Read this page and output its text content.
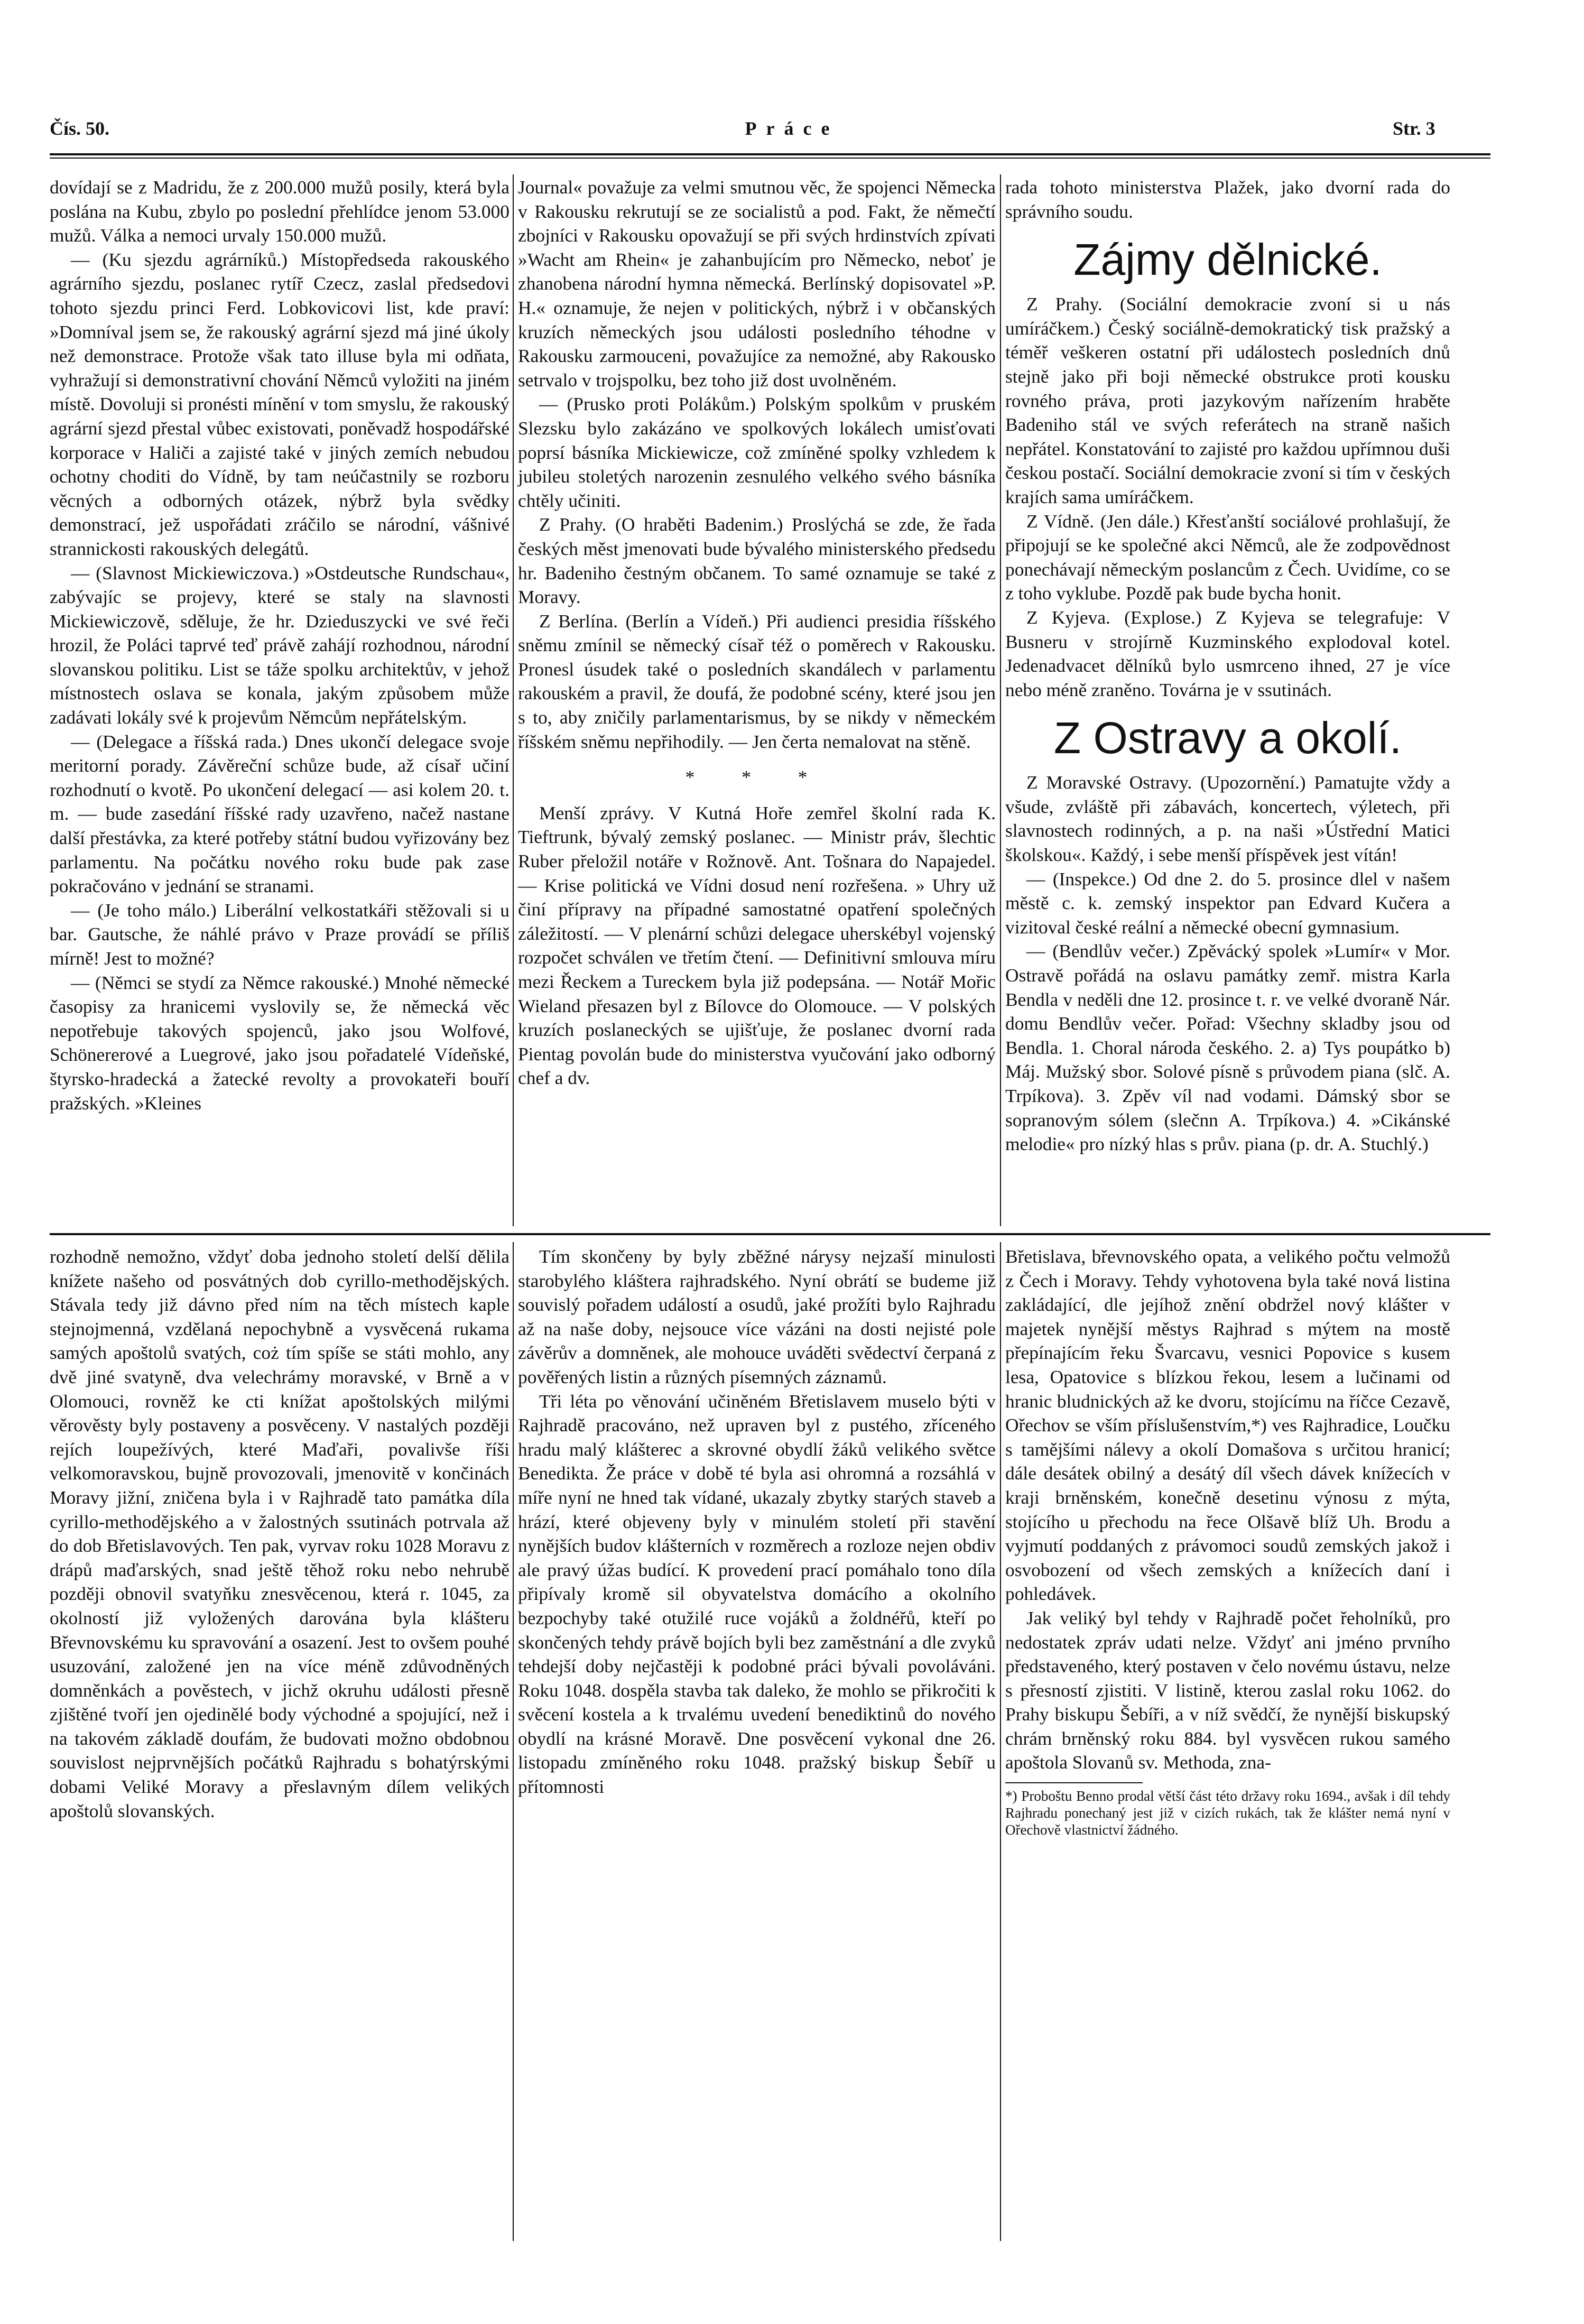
Čís. 50.	Práce	Str. 3

dovídají se z Madridu, že z 200.000 mužů posily, která byla poslána na Kubu, zbylo po poslední přehlídce jenom 53.000 mužů. Válka a nemoci urvaly 150.000 mužů.

— (Ku sjezdu agrárníků.) Místopředseda rakouského agrárního sjezdu, poslanec rytíř Czecz, zaslal předsedovi tohoto sjezdu princi Ferd. Lobkovicovi list, kde praví: »Domníval jsem se, že rakouský agrární sjezd má jiné úkoly než demonstrace. Protože však tato illuse byla mi odňata, vyhražují si demonstrativní chování Němců vyložiti na jiném místě. Dovoluji si pronésti mínění v tom smyslu, že rakouský agrární sjezd přestal vůbec existovati, poněvadž hospodářské korporace v Haliči a zajisté také v jiných zemích nebudou ochotny choditi do Vídně, by tam neúčastnily se rozboru věcných a odborných otázek, nýbrž byla svědky demonstrací, jež uspořádati zráčilo se národní, vášnivé strannickosti rakouských delegátů.

— (Slavnost Mickiewiczova.) »Ostdeutsche Rundschau«, zabývajíc se projevy, které se staly na slavnosti Mickiewiczově, sděluje, že hr. Dzieduszycki ve své řeči hrozil, že Poláci taprvé teď právě zahájí rozhodnou, národní slovanskou politiku. List se táže spolku architektův, v jehož místnostech oslava se konala, jakým způsobem může zadávati lokály své k projevům Němcům nepřátelským.

— (Delegace a říšská rada.) Dnes ukončí delegace svoje meritorní porady. Závěreční schůze bude, až císař učiní rozhodnutí o kvotě. Po ukončení delegací — asi kolem 20. t. m. — bude zasedání říšské rady uzavřeno, načež nastane další přestávka, za které potřeby státní budou vyřizovány bez parlamentu. Na počátku nového roku bude pak zase pokračováno v jednání se stranami.

— (Je toho málo.) Liberální velkostatkáři stěžovali si u bar. Gautsche, že náhlé právo v Praze provádí se příliš mírně! Jest to možné?

— (Němci se stydí za Němce rakouské.) Mnohé německé časopisy za hranicemi vyslovily se, že německá věc nepotřebuje takových spojenců, jako jsou Wolfové, Schönererové a Luegrové, jako jsou pořadatelé Vídeňské, štyrsko-hradecká a žatecké revolty a provokateři bouří pražských. »Kleines

Journal« považuje za velmi smutnou věc, že spojenci Německa v Rakousku rekrutují se ze socialistů a pod. Fakt, že němečtí zbojníci v Rakousku opovažují se při svých hrdinstvích zpívati »Wacht am Rhein« je zahanbujícím pro Německo, neboť je zhanobena národní hymna německá. Berlínský dopisovatel »P. H.« oznamuje, že nejen v politických, nýbrž i v občanských kruzích německých jsou události posledního téhodne v Rakousku zarmouceni, považujíce za nemožné, aby Rakousko setrvalo v trojspolku, bez toho již dost uvolněném.

— (Prusko proti Polákům.) Polským spolkům v pruském Slezsku bylo zakázáno ve spolkových lokálech umisťovati poprsí básníka Mickiewicze, což zmíněné spolky vzhledem k jubileu stoletých narozenin zesnulého velkého svého básníka chtěly učiniti.

Z Prahy. (O hraběti Badenim.) Proslýchá se zde, že řada českých měst jmenovati bude bývalého ministerského předsedu hr. Badeniho čestným občanem. To samé oznamuje se také z Moravy.

Z Berlína. (Berlín a Vídeň.) Při audienci presidia říšského sněmu zmínil se německý císař též o poměrech v Rakousku. Pronesl úsudek také o posledních skandálech v parlamentu rakouském a pravil, že doufá, že podobné scény, které jsou jen s to, aby zničily parlamentarismus, by se nikdy v německém říšském sněmu nepřihodily. — Jen čerta nemalovat na stěně.

* * *

Menší zprávy. V Kutná Hoře zemřel školní rada K. Tieftrunk, bývalý zemský poslanec. — Ministr práv, šlechtic Ruber přeložil notáře v Rožnově. Ant. Tošnara do Napajedel. — Krise politická ve Vídni dosud není rozřešena. » Uhry už činí přípravy na případné samostatné opatření společných záležitostí. — V plenární schůzi delegace uherskébyl vojenský rozpočet schválen ve třetím čtení. — Definitivní smlouva míru mezi Řeckem a Tureckem byla již podepsána. — Notář Mořic Wieland přesazen byl z Bílovce do Olomouce. — V polských kruzích poslaneckých se ujišťuje, že poslanec dvorní rada Pientag povolán bude do ministerstva vyučování jako odborný chef a dv.

rada tohoto ministerstva Plažek, jako dvorní rada do správního soudu.

Zájmy dělnické.

Z Prahy. (Sociální demokracie zvoní si u nás umíráčkem.) Český sociálně-demokratický tisk pražský a téměř veškeren ostatní při událostech posledních dnů stejně jako při boji německé obstrukce proti kousku rovného práva, proti jazykovým nařízením hraběte Badeniho stál ve svých referátech na straně našich nepřátel. Konstatování to zajisté pro každou upřímnou duši českou postačí. Sociální demokracie zvoní si tím v českých krajích sama umíráčkem.

Z Vídně. (Jen dále.) Křesťanští sociálové prohlašují, že připojují se ke společné akci Němců, ale že zodpovědnost ponechávají německým poslancům z Čech. Uvidíme, co se z toho vyklube. Pozdě pak bude bycha honit.

Z Kyjeva. (Explose.) Z Kyjeva se telegrafuje: V Busneru v strojírně Kuzminského explodoval kotel. Jedenadvacet dělníků bylo usmrceno ihned, 27 je více nebo méně zraněno. Továrna je v ssutinách.

Z Ostravy a okolí.

Z Moravské Ostravy. (Upozornění.) Pamatujte vždy a všude, zvláště při zábavách, koncertech, výletech, při slavnostech rodinných, a p. na naši »Ústřední Matici školskou«. Každý, i sebe menší příspěvek jest vítán!

— (Inspekce.) Od dne 2. do 5. prosince dlel v našem městě c. k. zemský inspektor pan Edvard Kučera a vizitoval české reální a německé obecní gymnasium.

— (Bendlův večer.) Zpěvácký spolek »Lumír« v Mor. Ostravě pořádá na oslavu památky zemř. mistra Karla Bendla v neděli dne 12. prosince t. r. ve velké dvoraně Nár. domu Bendlův večer. Pořad: Všechny skladby jsou od Bendla. 1. Choral národa českého. 2. a) Tys poupátko b) Máj. Mužský sbor. Solové písně s průvodem piana (slč. A. Trpíkova). 3. Zpěv víl nad vodami. Dámský sbor se sopranovým sólem (slečnn A. Trpíkova.) 4. »Cikánské melodie« pro nízký hlas s prův. piana (p. dr. A. Stuchlý.)

rozhodně nemožno, vždyť doba jednoho století delší dělila knížete našeho od posvátných dob cyrillo-methodějských. Stávala tedy již dávno před ním na těch místech kaple stejnojmenná, vzdělaná nepochybně a vysvěcená rukama samých apoštolů svatých, coż tím spíše se státi mohlo, any dvě jiné svatyně, dva velechrámy moravské, v Brně a v Olomouci, rovněž ke cti knížat apoštolských milými věrověsty byly postaveny a posvěceny. V nastalých později rejích loupežívých, které Maďaři, povalivše říši velkomoravskou, bujně provozovali, jmenovitě v končinách Moravy jižní, zničena byla i v Rajhradě tato památka díla cyrillo-methodějského a v žalostných ssutinách potrvala až do dob Břetislavových. Ten pak, vyrvav roku 1028 Moravu z drápů maďarských, snad ještě těhož roku nebo nehrubě později obnovil svatyňku znesvěcenou, která r. 1045, za okolností již vyložených darována byla klášteru Břevnovskému ku spravování a osazení. Jest to ovšem pouhé usuzování, založené jen na více méně zdůvodněných domněnkách a pověstech, v jichž okruhu události přesně zjištěné tvoří jen ojedinělé body východné a spojující, než i na takovém základě doufám, že budovati možno obdobnou souvislost nejprvnějších počátků Rajhradu s bohatýrskými dobami Veliké Moravy a přeslavným dílem velikých apoštolů slovanských.

Tím skončeny by byly zběžné nárysy nejzaší minulosti starobylého kláštera rajhradského. Nyní obrátí se budeme již souvislý pořadem událostí a osudů, jaké prožíti bylo Rajhradu až na naše doby, nejsouce více vázáni na dosti nejisté pole závěrův a domněnek, ale mohouce uváděti svědectví čerpaná z pověřených listin a různých písemných záznamů.

Tři léta po věnování učiněném Břetislavem muselo býti v Rajhradě pracováno, než upraven byl z pustého, zříceného hradu malý klášterec a skrovné obydlí žáků velikého světce Benedikta. Že práce v době té byla asi ohromná a rozsáhlá v míře nyní ne hned tak vídané, ukazaly zbytky starých staveb a hrází, které objeveny byly v minulém století při stavění nynějších budov klášterních v rozměrech a rozloze nejen obdiv ale pravý úžas budící. K provedení prací pomáhalo tono díla připívaly kromě sil obyvatelstva domácího a okolního bezpochyby také otužilé ruce vojáků a žoldnéřů, kteří po skončených tehdy právě bojích byli bez zaměstnání a dle zvyků tehdejší doby nejčastěji k podobné práci bývali povoláváni. Roku 1048. dospěla stavba tak daleko, že mohlo se přikročiti k svěcení kostela a k trvalému uvedení benediktinů do nového obydlí na krásné Moravě. Dne posvěcení vykonal dne 26. listopadu zmíněného roku 1048. pražský biskup Šebíř u přítomnosti

Břetislava, břevnovského opata, a velikého počtu velmožů z Čech i Moravy. Tehdy vyhotovena byla také nová listina zakládající, dle jejíhož znění obdržel nový klášter v majetek nynější městys Rajhrad s mýtem na mostě přepínajícím řeku Švarcavu, vesnici Popovice s kusem lesa, Opatovice s blízkou řekou, lesem a lučinami od hranic bludnických až ke dvoru, stojícímu na říčce Cezavě, Ořechov se vším příslušenstvím,*) ves Rajhradice, Loučku s tamějšími nálevy a okolí Domašova s určitou hranicí; dále desátek obilný a desátý díl všech dávek knížecích v kraji brněnském, konečně desetinu výnosu z mýta, stojícího u přechodu na řece Olšavě blíž Uh. Brodu a vyjmutí poddaných z právomoci soudů zemských jakož i osvobození od všech zemských a knížecích daní i pohledávek.

Jak veliký byl tehdy v Rajhradě počet řeholníků, pro nedostatek zpráv udati nelze. Vždyť ani jméno prvního představeného, který postaven v čelo novému ústavu, nelze s přesností zjistiti. V listině, kterou zaslal roku 1062. do Prahy biskupu Šebíři, a v níž svědčí, že nynější biskupský chrám brněnský roku 884. byl vysvěcen rukou samého apoštola Slovanů sv. Methoda, zna-

*) Proboštu Benno prodal větší část této državy roku 1694., avšak i díl tehdy Rajhradu ponechaný jest již v cizích rukách, tak že klášter nemá nyní v Ořechově vlastnictví žádného.
